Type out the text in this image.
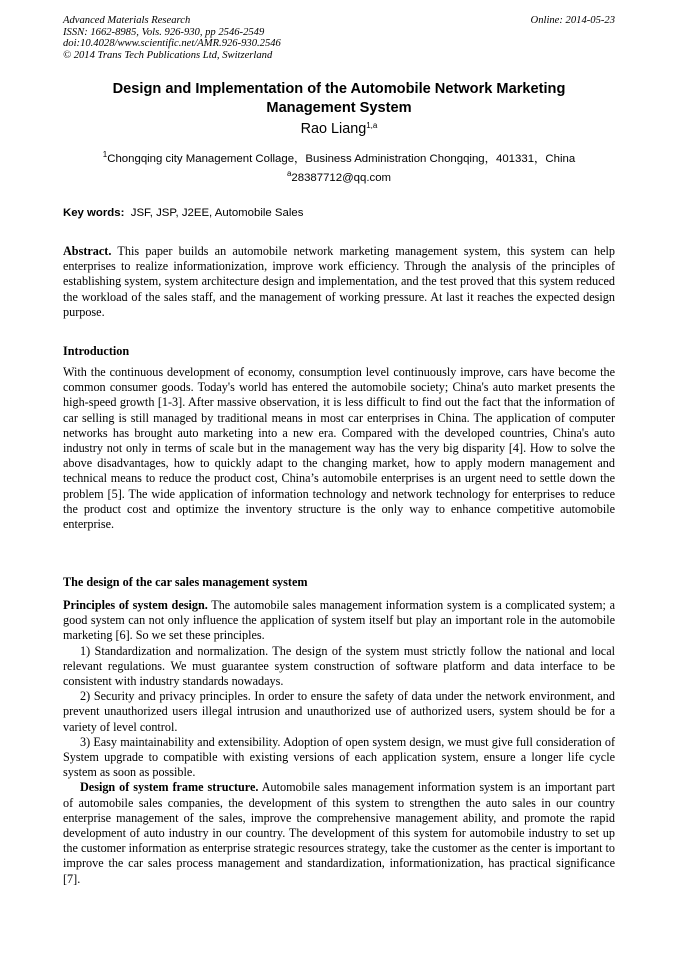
Advanced Materials Research
ISSN: 1662-8985, Vols. 926-930, pp 2546-2549
doi:10.4028/www.scientific.net/AMR.926-930.2546
© 2014 Trans Tech Publications Ltd, Switzerland
Online: 2014-05-23
Design and Implementation of the Automobile Network Marketing
Management System
Rao Liang$^{1,a}$
$^1$Chongqing city Management Collage，Business Administration Chongqing，401331，China
$^a$28387712@qq.com
Key words: JSF, JSP, J2EE, Automobile Sales
Abstract. This paper builds an automobile network marketing management system, this system can help enterprises to realize informationization, improve work efficiency. Through the analysis of the principles of establishing system, system architecture design and implementation, and the test proved that this system reduced the workload of the sales staff, and the management of working pressure. At last it reaches the expected design purpose.
Introduction
With the continuous development of economy, consumption level continuously improve, cars have become the common consumer goods. Today's world has entered the automobile society; China's auto market presents the high-speed growth [1-3]. After massive observation, it is less difficult to find out the fact that the information of car selling is still managed by traditional means in most car enterprises in China. The application of computer networks has brought auto marketing into a new era. Compared with the developed countries, China's auto industry not only in terms of scale but in the management way has the very big disparity [4]. How to solve the above disadvantages, how to quickly adapt to the changing market, how to apply modern management and technical means to reduce the product cost, China’s automobile enterprises is an urgent need to settle down the problem [5]. The wide application of information technology and network technology for enterprises to reduce the product cost and optimize the inventory structure is the only way to enhance competitive automobile enterprise.
The design of the car sales management system
Principles of system design. The automobile sales management information system is a complicated system; a good system can not only influence the application of system itself but play an important role in the automobile marketing [6]. So we set these principles.
1) Standardization and normalization. The design of the system must strictly follow the national and local relevant regulations. We must guarantee system construction of software platform and data interface to be consistent with industry standards nowadays.
2) Security and privacy principles. In order to ensure the safety of data under the network environment, and prevent unauthorized users illegal intrusion and unauthorized use of authorized users, system should be for a variety of level control.
3) Easy maintainability and extensibility. Adoption of open system design, we must give full consideration of System upgrade to compatible with existing versions of each application system, ensure a longer life cycle system as soon as possible.
Design of system frame structure. Automobile sales management information system is an important part of automobile sales companies, the development of this system to strengthen the auto sales in our country enterprise management of the sales, improve the comprehensive management ability, and promote the rapid development of auto industry in our country. The development of this system for automobile industry to set up the customer information as enterprise strategic resources strategy, take the customer as the center is important to improve the car sales process management and standardization, informationization, has practical significance [7].
